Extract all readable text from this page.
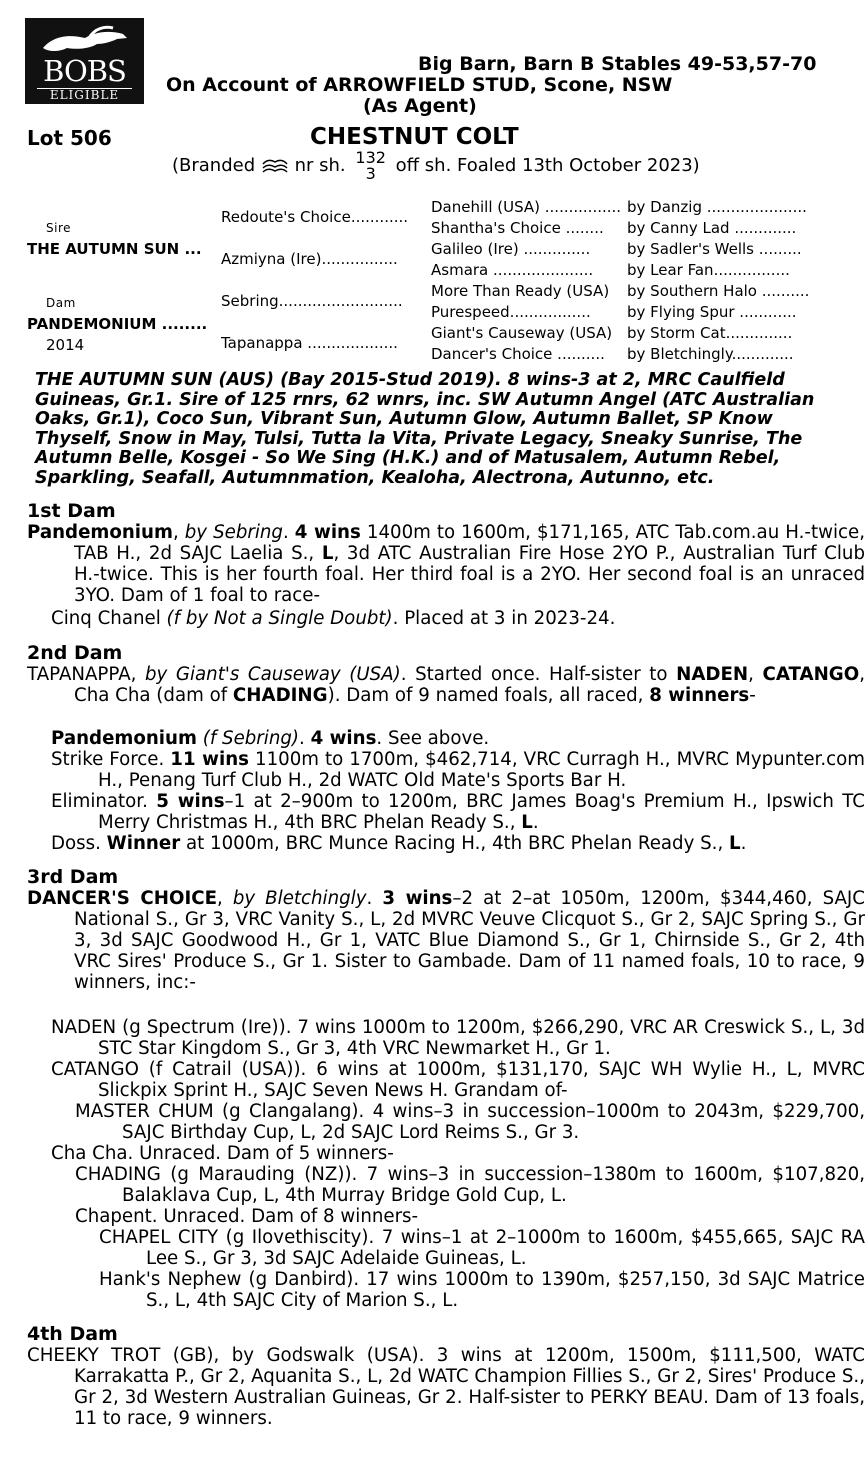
BOBS
ELIGIBLE
Big Barn, Barn B Stables 49-53,57-70
On Account of ARROWFIELD STUD, Scone, NSW
(As Agent)
Lot 506	CHESTNUT COLT
(Branded nr sh. 132
3 off sh. Foaled 13th October 2023)
Sire
THE AUTUMN SUN ...
Dam
PANDEMONIUM ........
2014
Redoute's Choice............
Azmiyna (Ire)................
Sebring..........................
Tapanappa ...................
Danehill (USA) ................
Shantha's Choice ........
Galileo (Ire) ..............
Asmara .....................
More Than Ready (USA)
Purespeed.................
Giant's Causeway (USA)
Dancer's Choice ..........
by Danzig .....................
by Canny Lad .............
by Sadler's Wells .........
by Lear Fan................
by Southern Halo ..........
by Flying Spur ............
by Storm Cat..............
by Bletchingly.............
THE AUTUMN SUN (AUS) (Bay 2015-Stud 2019). 8 wins-3 at 2, MRC Caulfield Guineas, Gr.1. Sire of 125 rnrs, 62 wnrs, inc. SW Autumn Angel (ATC Australian Oaks, Gr.1), Coco Sun, Vibrant Sun, Autumn Glow, Autumn Ballet, SP Know Thyself, Snow in May, Tulsi, Tutta la Vita, Private Legacy, Sneaky Sunrise, The Autumn Belle, Kosgei - So We Sing (H.K.) and of Matusalem, Autumn Rebel, Sparkling, Seafall, Autumnmation, Kealoha, Alectrona, Autunno, etc.
1st Dam
Pandemonium, by Sebring. 4 wins 1400m to 1600m, $171,165, ATC Tab.com.au H.-twice, TAB H., 2d SAJC Laelia S., L, 3d ATC Australian Fire Hose 2YO P., Australian Turf Club H.-twice. This is her fourth foal. Her third foal is a 2YO. Her second foal is an unraced 3YO. Dam of 1 foal to race-
Cinq Chanel (f by Not a Single Doubt). Placed at 3 in 2023-24.
2nd Dam
TAPANAPPA, by Giant's Causeway (USA). Started once. Half-sister to NADEN, CATANGO, Cha Cha (dam of CHADING). Dam of 9 named foals, all raced, 8 winners-
Pandemonium (f Sebring). 4 wins. See above.
Strike Force. 11 wins 1100m to 1700m, $462,714, VRC Curragh H., MVRC Mypunter.com H., Penang Turf Club H., 2d WATC Old Mate's Sports Bar H.
Eliminator. 5 wins–1 at 2–900m to 1200m, BRC James Boag's Premium H., Ipswich TC Merry Christmas H., 4th BRC Phelan Ready S., L.
Doss. Winner at 1000m, BRC Munce Racing H., 4th BRC Phelan Ready S., L.
3rd Dam
DANCER'S CHOICE, by Bletchingly. 3 wins–2 at 2–at 1050m, 1200m, $344,460, SAJC National S., Gr 3, VRC Vanity S., L, 2d MVRC Veuve Clicquot S., Gr 2, SAJC Spring S., Gr 3, 3d SAJC Goodwood H., Gr 1, VATC Blue Diamond S., Gr 1, Chirnside S., Gr 2, 4th VRC Sires' Produce S., Gr 1. Sister to Gambade. Dam of 11 named foals, 10 to race, 9 winners, inc:-
NADEN (g Spectrum (Ire)). 7 wins 1000m to 1200m, $266,290, VRC AR Creswick S., L, 3d STC Star Kingdom S., Gr 3, 4th VRC Newmarket H., Gr 1.
CATANGO (f Catrail (USA)). 6 wins at 1000m, $131,170, SAJC WH Wylie H., L, MVRC Slickpix Sprint H., SAJC Seven News H. Grandam of-
MASTER CHUM (g Clangalang). 4 wins–3 in succession–1000m to 2043m, $229,700, SAJC Birthday Cup, L, 2d SAJC Lord Reims S., Gr 3.
Cha Cha. Unraced. Dam of 5 winners-
CHADING (g Marauding (NZ)). 7 wins–3 in succession–1380m to 1600m, $107,820, Balaklava Cup, L, 4th Murray Bridge Gold Cup, L.
Chapent. Unraced. Dam of 8 winners-
CHAPEL CITY (g Ilovethiscity). 7 wins–1 at 2–1000m to 1600m, $455,665, SAJC RA Lee S., Gr 3, 3d SAJC Adelaide Guineas, L.
Hank's Nephew (g Danbird). 17 wins 1000m to 1390m, $257,150, 3d SAJC Matrice S., L, 4th SAJC City of Marion S., L.
4th Dam
CHEEKY TROT (GB), by Godswalk (USA). 3 wins at 1200m, 1500m, $111,500, WATC Karrakatta P., Gr 2, Aquanita S., L, 2d WATC Champion Fillies S., Gr 2, Sires' Produce S., Gr 2, 3d Western Australian Guineas, Gr 2. Half-sister to PERKY BEAU. Dam of 13 foals, 11 to race, 9 winners.
